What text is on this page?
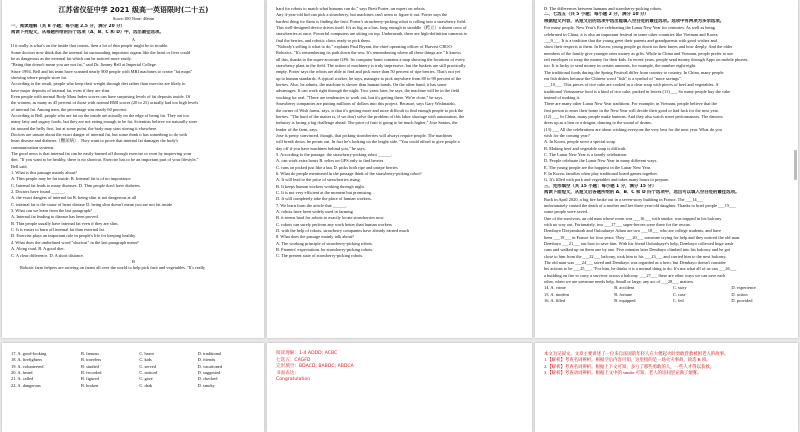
江苏省仪征中学 2021 级高一英语限时(二十五)

Score:100 Time: 40min

一、阅读理解（共 8 小题；每小题 2.5 分，满分 20 分）

阅读下列短文，从每题所给的四个选项（A、B、C 和 D）中，选出最佳选项。

A

If it really is what's on the inside that counts, then a lot of thin people might be in trouble.

Some doctors now think that the internal fat surrounding important organs like the heart or liver could

be as dangerous as the external fat which can be noticed more easily.

"Being thin doesn't mean you are not fat," said Dr. Jimmy Bell at Imperial College.

Since 1994, Bell and his team have scanned nearly 800 people with MRI machines to create "fat maps"

showing where people store fat.

According to the result, people who keep their weight through diet rather than exercise are likely to

have major deposits of internal fat, even if they are slim.

Even people with normal Body Mass Index scores can have surprising levels of fat deposits inside. Of

the women, as many as 45 percent of those with normal BMI scores (20 to 25) actually had too high levels

of internal fat. Among men, the percentage was nearly 60 percent.

According to Bell, people who are fat on the inside are actually on the edge of being fat. They eat too

many fatty and sugary foods, but they are not eating enough to be fat. Scientists believe we naturally store

fat around the belly first, but at some point, the body may start storing it elsewhere.

Doctors are unsure about the exact danger of internal fat, but some think it has something to do with

heart disease and diabetes（糖尿病）. They want to prove that internal fat damages the body's

communication systems.

The good news is that internal fat can be easily burned off through exercise or even by improving your

diet. "If you want to be healthy, there is no shortcut. Exercise has to be an important part of your lifestyle,"

Bell said.

1. What is this passage mainly about?

A. Thin people may be fat inside. B. Internal fat is of no importance.

C. Internal fat leads to many diseases. D. Thin people don't have diabetes.

2. Doctors have found ______.

A. the exact dangers of internal fat B. being slim is not dangerous at all

C. internal fat is the cause of heart disease D. being slim doesn't mean you are not fat inside

3. What can we learn from the last paragraph?

A. Internal fat leading to disease has been proved.

B. Thin people usually have internal fat even if they are slim.

C. It is easier to burn off internal fat than external fat.

D. Exercise plays an important role in people's life for keeping healthy.

4. What does the underlined word "shortcut" in the last paragraph mean?

A. Along road. B. A good diet.

C. A clear difference. D. A short distance.

B

Robotic farm helpers are arriving on farms all over the world to help pick fruit and vegetables. "It's really

hard for robots to match what humans can do," says Brett Porter, an expert on robots.

Any 4-year-old kid can pick a strawberry, but machines can't seem to figure it out. Porter says the

hardest thing for them is finding the fruit. Porter's strawberry-picking robot is rolling into a strawberry field.

This well-designed device drives itself. It's as big as a bus, long enough to straddle（跨立）a dozen rows of

strawberries at once. Powerful computers are sitting on top. Underneath, there are high-definition cameras to

find the berries, and robotic claws ready to pick them.

"Nobody's selling it what to do," explains Paul Bryant, the chief operating officer of Harvest CROO

Robotics. "It's remembering its path down the row. It's remembering where all these things are." It knows

all this, thanks to the super-accurate GPS. Its computer brain contains a map showing the locations of every

strawberry plant in the field. The action of machinery is truly impressive, but the baskets are still practically

empty. Porter says the robots are able to find and pick more than 50 percent of ripe berries. That's not yet

up to human standards. A typical worker, he says, manages to pick anywhere from 80 to 90 percent of the

berries. Also, he admits, the machine is slower than human hands. On the other hand, it has some

advantages. It can work right through the night. Two years later, he says, the machine will be in the field

working for real. "There are tendencies to work out, but it's getting there. We're close," he says.

Strawberry companies are putting millions of dollars into this project. Because, says Gary Wishnatzki,

the owner of Wish farms, says, is that it's getting more and more difficult to find enough people to pick the

berries. "The hard of the matter is, if we don't solve the problem of this labor shortage with automation, the

industry is facing a big challenge ahead. The price of fruit is going to be much higher," Jose Santos, the

leader of the farm, says.

Jose is pretty convinced, though, that picking strawberries will always require people. The machines

will break down, he points out. In fact he's looking on the bright side. "You could afford to give people a

day off if you have machines behind you," he says.

5. According to the passage, the strawberry-picking robot ______.

A. can work extra hours B. relies on GPS only to find berries

C. runs on picked just like a bus D. picks both ripe and unripe berries

6. What do people mentioned in the passage think of the strawberry-picking robot?

A. It will lead to the price of strawberries rising.

B. It keeps human workers working through night.

C. It is not very efficient at the moment but promising.

D. It will completely take the place of human workers.

7. We learn from the article that ______.

A. robots have been widely used in farming

B. it seems hard for robots to exactly locate strawberries now

C. robots can surely perform any work better than human workers

D. with the help of robots, strawberry companies have already earned much

8. What does the passage mainly talk about?

A. The working principle of strawberry-picking robots.

B. Farmers' expectations for strawberry-picking robots.

C. The present state of strawberry-picking robots.

D. The differences between humans and strawberry-picking robots.

二、七选五（共 5 小题；每小题 2 分，满分 10 分）

根据短文内容，从短文后的选项中选出能填入空白处的最佳选项。选项中有两项为多余选项。

For many people, New Year's Eve celebrating the Lunar New Year for centuries. As well as being

celebrated in China, it is also an important festival in some other countries like Vietnam and Korea.

___9___. It is a tradition that the young greet their parents and grandparents with good wishes and

show their respects to them. In Korea, young people go down on their knees and bow deeply. And the older

members of the family give younger ones money as gifts. While in China and Vietnam, people prefer to use

red envelopes to wrap the money for their kids. In recent years, people send money through Apps on mobile phones,

too. It is lucky to send money in certain amounts, for example, the number eight-eight.

The traditional foods during the Spring Festival differ from country to country. In China, many people

eat fish dishes because the Chinese word "fish" is a symbol of "more savings".

___10___. This pieces of rice cake are cooked in a clear soup with pieces of beef and vegetables. A

traditional Vietnamese food is a kind of rice cake, packed in leaves (11) ___ So many people buy the cake

instead of making it.

There are many other Lunar New Year traditions. For example, in Vietnam, people believe that the

first person to enter their home in the New Year will decide their good or bad luck for the next year.

(12) ___ In China, many people make lanterns. And they also watch street performances. The dancers

dress up as a lion or a dragon, dancing to the sound of drums.

(13) ___ All the celebrations are about wishing everyone the very best for the next year. What do you

wish for the coming year?

A. In Korea, people serve a special soup.

B. Making beef and vegetable soup is difficult.

C. The Lunar New Year is a family celebration.

D. People celebrate the Lunar New Year in many different ways.

E. The young people are the happiest in the Lunar New Year.

F. In Korea, families often play traditional board games together.

G. It's filled with pork and vegetables and takes many hours to prepare.

三、完形填空（共 15 小题；每小题 1 分，满分 15 分）

阅读下面短文，从短文后各题所给的 A、B、C 和 D 四个选项中，选出可以填入空白处的最佳选项。

Back in April 2020, a big fire broke out in a seven-story building in France. The ___14___

unfortunately caused the death of a mother and her three-year-old daughter. Thanks to brief people ___15___

some people were saved.

One of the survivors, an old man whose room was ___16___ with smoke, was trapped in his balcony

with no way out. Fortunately, two ___17___ super-heroes were there for the rescue.

Dembayo Diriyamboah and Oulouluaye Adam are two ___18___ who are college students, and have

been ___19___ in France for four years. They ___20___ someone crying for help and they noticed the old man.

Dembayo ___21___ out how to save him. With his friend Oulouluaye's help, Dembayo collected huge trash

cans and walked up on them one by one. Five minutes later Dembayo climbed into his balcony and he got

close to him from the ___22___ balcony, took him to his ___23___ and carried him to the next balcony.

The old man was ___24___ saved and Dembayo was regarded as a hero, but Dembayo doesn't consider

his actions to be ___25___. "For him, he thinks it is a normal thing to do. It's not what all of us can ___26___

a building on fire to carry a survivor across a balcony. ___27___ there are other ways we can save each

other, when we are someone needs help. Small or large, any act of ___28___ matters.

14. A. crime	B. accident	C. story	D. experience
15. A. modern	B. fortune	C. case	D. action
16. A. filled	B. equipped	C. fed	D. provided
17. A. good-looking	B. famous	C. brave	D. traditional
18. A. firefighters	B. travelers	C. kids	D. friends
19. A. volunteered	B. studied	C. served	D. vacationed
20. A. heard	B. recorded	C. noticed	D. suggested
21. A. called	B. figured	C. gave	D. checked
22. A. dangerous	B. broken	C. dark	D. smoky

阅读理解：1-4 ADDD; ACBC

七选五：CAGFD

完形填空：BDACD; BABDC; ABDCA

书面表达：

Congratulation

本文为记叙文。文章主要讲述了一位来自法国的年轻人在大楼起火时勇敢营救被困老人的故事。

1.【解析】考查名词辨析。根据空后内容可知，这里指的是一场火灾事故，故选 B 项。

2.【解析】考查名词辨析。根据上下文可知，多亏了那些勇敢的人，一些人才得以获救。

3.【解析】考查动词辨析。根据上文中的 smoke 可知，老人的房间里充满了烟雾。
